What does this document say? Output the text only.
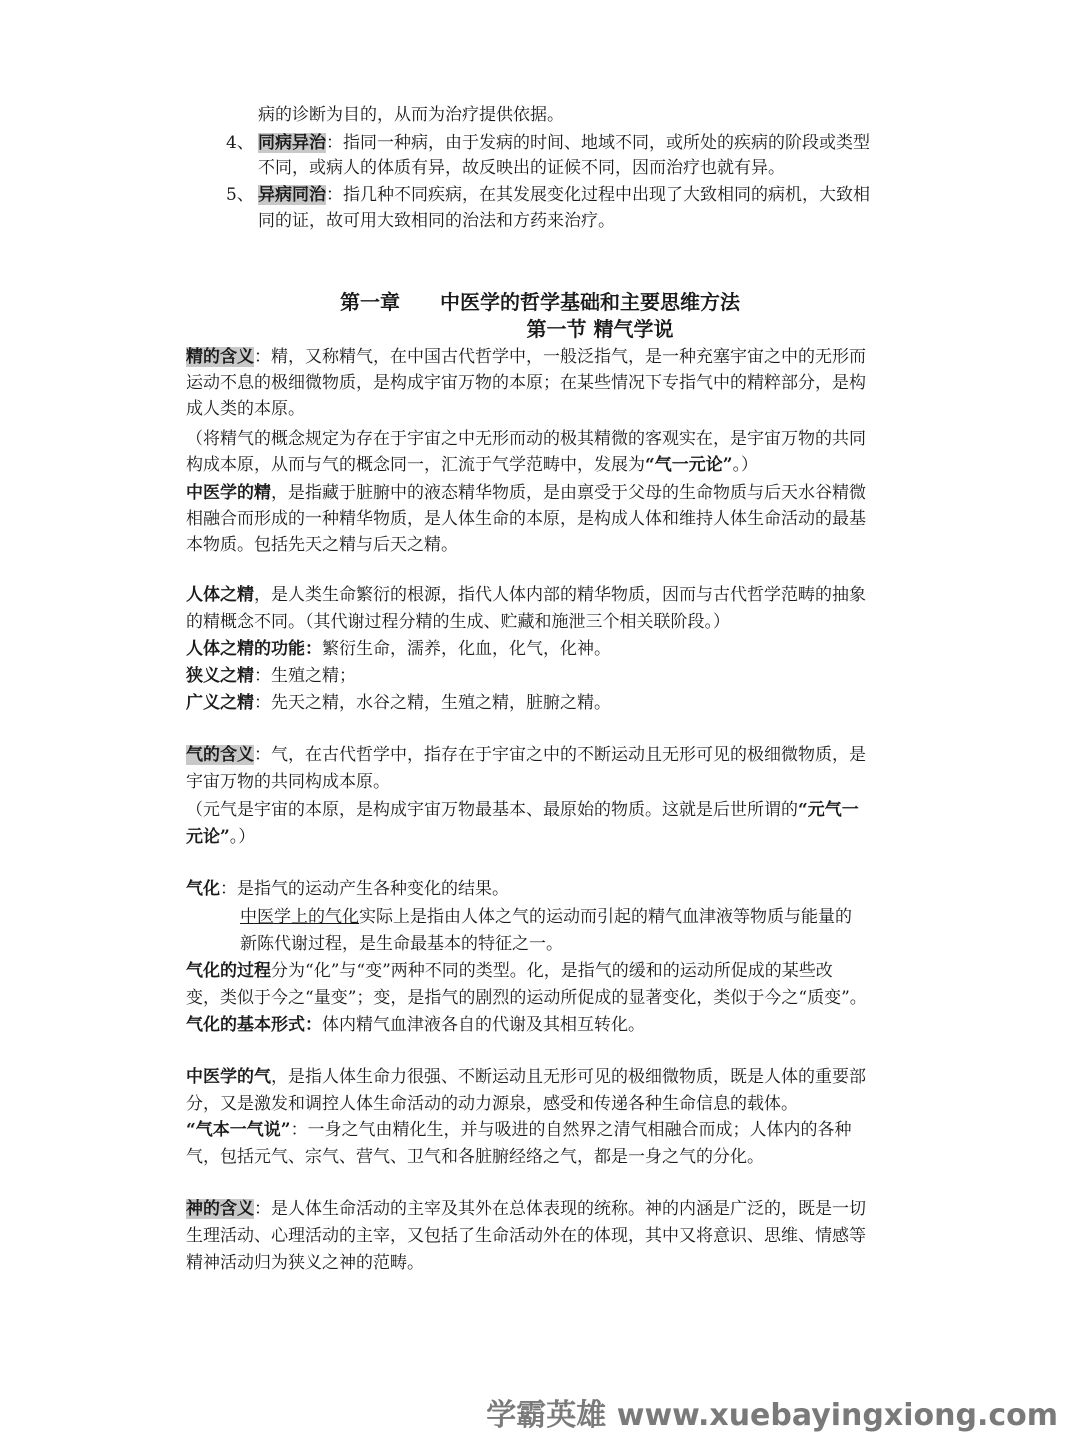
病的诊断为目的，从而为治疗提供依据。
4、 同病异治：指同一种病，由于发病的时间、地域不同，或所处的疾病的阶段或类型
不同，或病人的体质有异，故反映出的证候不同，因而治疗也就有异。
5、 异病同治：指几种不同疾病，在其发展变化过程中出现了大致相同的病机，大致相
同的证，故可用大致相同的治法和方药来治疗。
第一章　　中医学的哲学基础和主要思维方法
第一节 精气学说
精的含义：精，又称精气，在中国古代哲学中，一般泛指气，是一种充塞宇宙之中的无形而
运动不息的极细微物质，是构成宇宙万物的本原；在某些情况下专指气中的精粹部分，是构
成人类的本原。
（将精气的概念规定为存在于宇宙之中无形而动的极其精微的客观实在，是宇宙万物的共同
构成本原，从而与气的概念同一，汇流于气学范畴中，发展为“气一元论”。）
中医学的精，是指藏于脏腑中的液态精华物质，是由禀受于父母的生命物质与后天水谷精微
相融合而形成的一种精华物质，是人体生命的本原，是构成人体和维持人体生命活动的最基
本物质。包括先天之精与后天之精。
人体之精，是人类生命繁衍的根源，指代人体内部的精华物质，因而与古代哲学范畴的抽象
的精概念不同。（其代谢过程分精的生成、贮藏和施泄三个相关联阶段。）
人体之精的功能：繁衍生命，濡养，化血，化气，化神。
狭义之精：生殖之精；
广义之精：先天之精，水谷之精，生殖之精，脏腑之精。
气的含义：气，在古代哲学中，指存在于宇宙之中的不断运动且无形可见的极细微物质，是
宇宙万物的共同构成本原。
（元气是宇宙的本原，是构成宇宙万物最基本、最原始的物质。这就是后世所谓的“元气一
元论”。）
气化：是指气的运动产生各种变化的结果。
中医学上的气化实际上是指由人体之气的运动而引起的精气血津液等物质与能量的
新陈代谢过程，是生命最基本的特征之一。
气化的过程分为“化”与“变”两种不同的类型。化，是指气的缓和的运动所促成的某些改
变，类似于今之“量变”；变，是指气的剧烈的运动所促成的显著变化，类似于今之“质变”。
气化的基本形式：体内精气血津液各自的代谢及其相互转化。
中医学的气，是指人体生命力很强、不断运动且无形可见的极细微物质，既是人体的重要部
分，又是激发和调控人体生命活动的动力源泉，感受和传递各种生命信息的载体。
“气本一气说”：一身之气由精化生，并与吸进的自然界之清气相融合而成；人体内的各种
气，包括元气、宗气、营气、卫气和各脏腑经络之气，都是一身之气的分化。
神的含义：是人体生命活动的主宰及其外在总体表现的统称。神的内涵是广泛的，既是一切
生理活动、心理活动的主宰，又包括了生命活动外在的体现，其中又将意识、思维、情感等
精神活动归为狭义之神的范畴。
学霸英雄 www.xuebayingxiong.com
